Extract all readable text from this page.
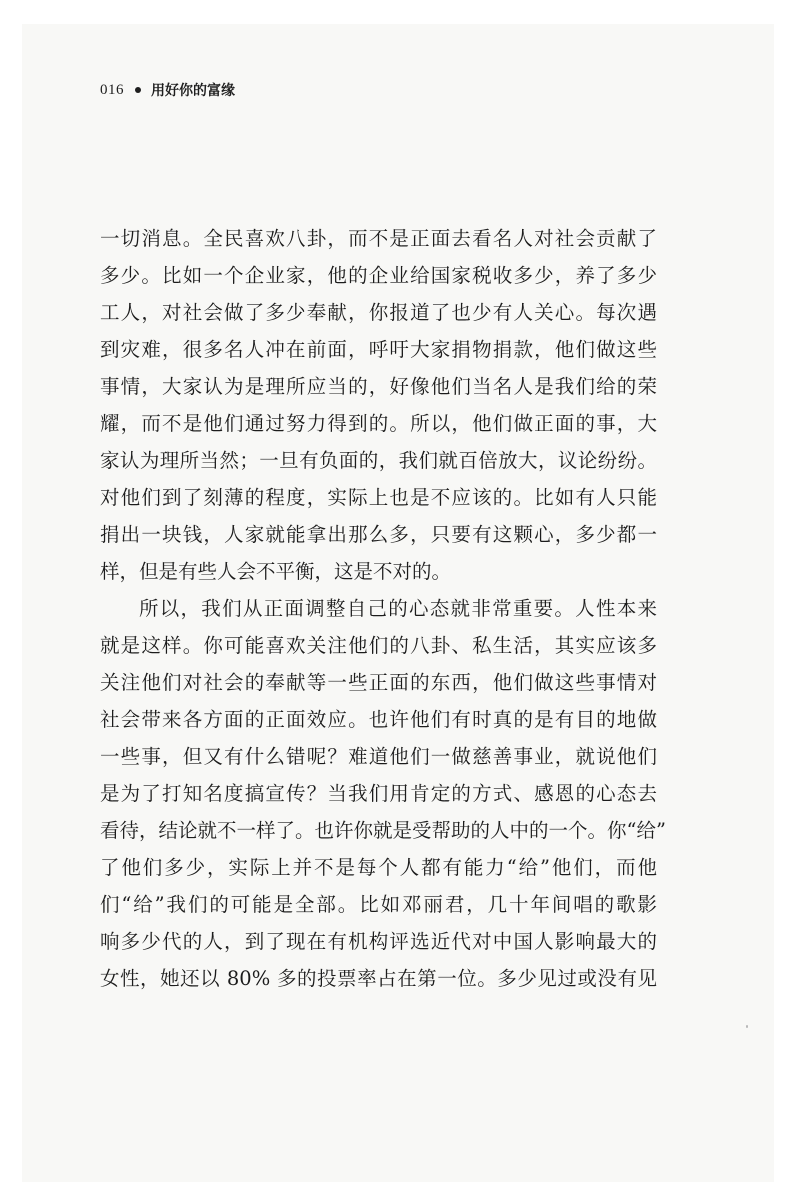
016 用好你的富缘
一切消息。全民喜欢八卦，而不是正面去看名人对社会贡献了
多少。比如一个企业家，他的企业给国家税收多少，养了多少
工人，对社会做了多少奉献，你报道了也少有人关心。每次遇
到灾难，很多名人冲在前面，呼吁大家捐物捐款，他们做这些
事情，大家认为是理所应当的，好像他们当名人是我们给的荣
耀，而不是他们通过努力得到的。所以，他们做正面的事，大
家认为理所当然；一旦有负面的，我们就百倍放大，议论纷纷。
对他们到了刻薄的程度，实际上也是不应该的。比如有人只能
捐出一块钱，人家就能拿出那么多，只要有这颗心，多少都一
样，但是有些人会不平衡，这是不对的。
所以，我们从正面调整自己的心态就非常重要。人性本来
就是这样。你可能喜欢关注他们的八卦、私生活，其实应该多
关注他们对社会的奉献等一些正面的东西，他们做这些事情对
社会带来各方面的正面效应。也许他们有时真的是有目的地做
一些事，但又有什么错呢？难道他们一做慈善事业，就说他们
是为了打知名度搞宣传？当我们用肯定的方式、感恩的心态去
看待，结论就不一样了。也许你就是受帮助的人中的一个。你“给”
了他们多少，实际上并不是每个人都有能力“给”他们，而他
们“给”我们的可能是全部。比如邓丽君，几十年间唱的歌影
响多少代的人，到了现在有机构评选近代对中国人影响最大的
女性，她还以 80% 多的投票率占在第一位。多少见过或没有见
